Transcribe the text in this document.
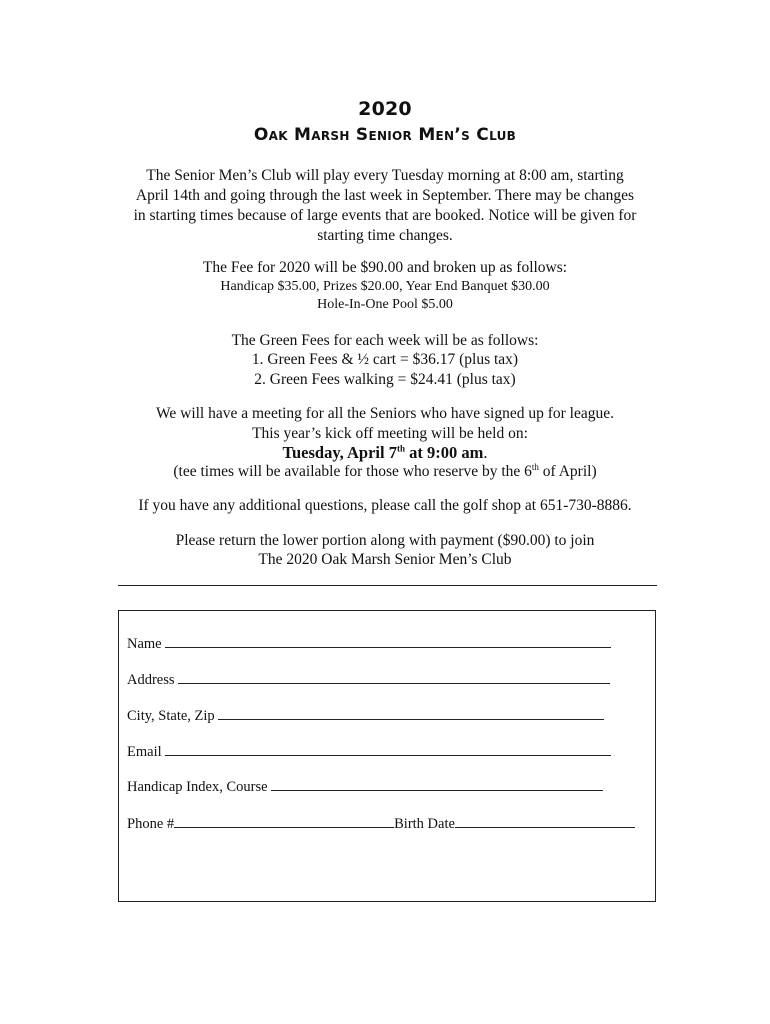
2020
Oak Marsh Senior Men’s Club
The Senior Men’s Club will play every Tuesday morning at 8:00 am, starting
April 14th and going through the last week in September. There may be changes
in starting times because of large events that are booked. Notice will be given for
starting time changes.
The Fee for 2020 will be $90.00 and broken up as follows:
Handicap $35.00, Prizes $20.00, Year End Banquet $30.00
Hole-In-One Pool $5.00
The Green Fees for each week will be as follows:
1. Green Fees & ½ cart = $36.17 (plus tax)
2. Green Fees walking = $24.41 (plus tax)
We will have a meeting for all the Seniors who have signed up for league.
This year’s kick off meeting will be held on:
Tuesday, April 7th at 9:00 am.
(tee times will be available for those who reserve by the 6th of April)
If you have any additional questions, please call the golf shop at 651-730-8886.
Please return the lower portion along with payment ($90.00) to join
The 2020 Oak Marsh Senior Men’s Club
Name
Address
City, State, Zip
Email
Handicap Index, Course
Phone #	Birth Date
